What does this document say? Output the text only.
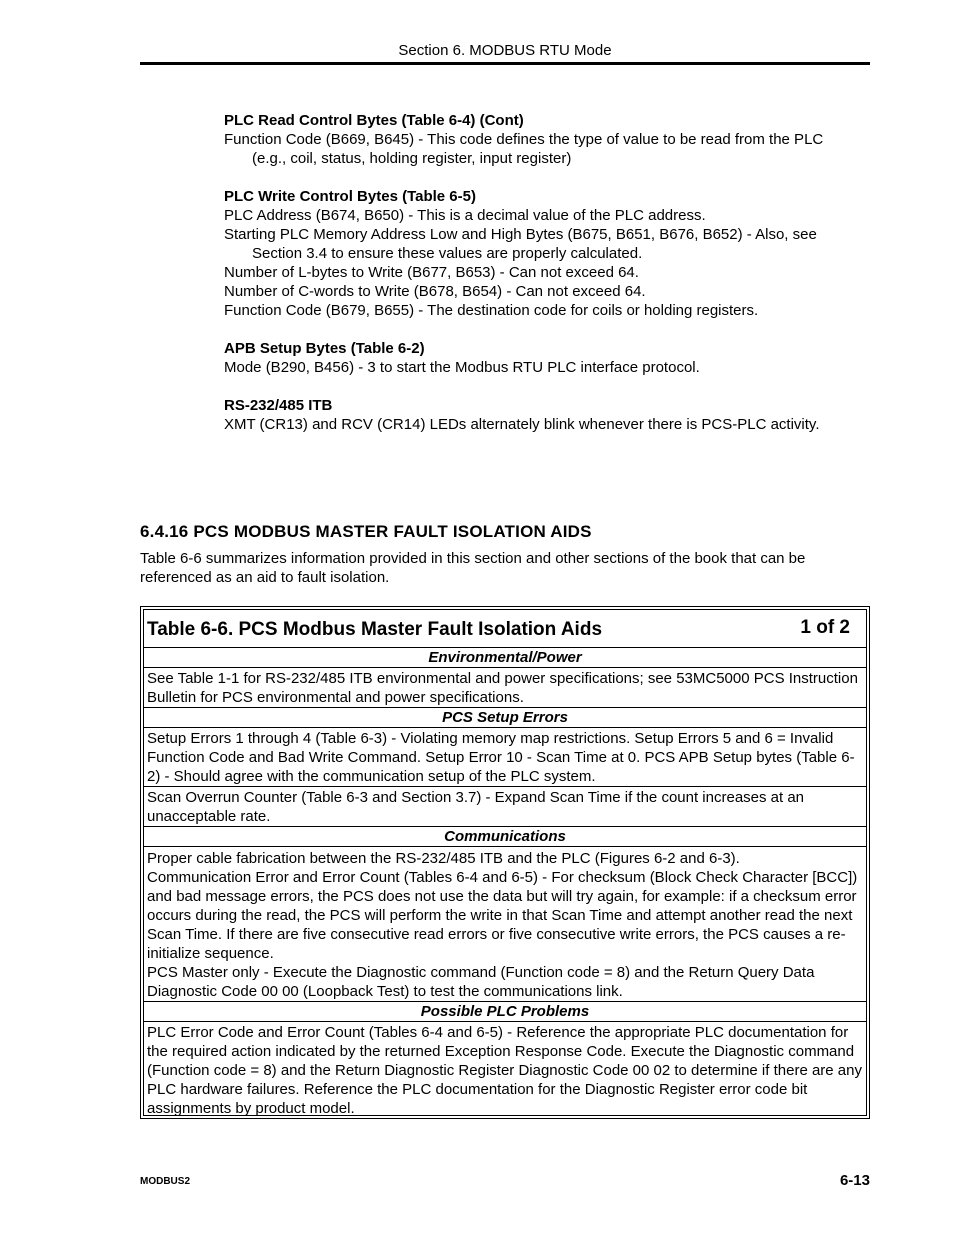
Section 6. MODBUS RTU Mode
PLC Read Control Bytes (Table 6-4) (Cont)
Function Code (B669, B645) - This code defines the type of value to be read from the PLC (e.g., coil, status, holding register, input register)
PLC Write Control Bytes (Table 6-5)
PLC Address (B674, B650) - This is a decimal value of the PLC address.
Starting PLC Memory Address Low and High Bytes (B675, B651, B676, B652) - Also, see Section 3.4 to ensure these values are properly calculated.
Number of L-bytes to Write (B677, B653) - Can not exceed 64.
Number of C-words to Write (B678, B654) - Can not exceed 64.
Function Code (B679, B655) - The destination code for coils or holding registers.
APB Setup Bytes (Table 6-2)
Mode (B290, B456) - 3 to start the Modbus RTU PLC interface protocol.
RS-232/485 ITB
XMT (CR13) and RCV (CR14) LEDs alternately blink whenever there is PCS-PLC activity.
6.4.16 PCS MODBUS MASTER FAULT ISOLATION AIDS
Table 6-6 summarizes information provided in this section and other sections of the book that can be referenced as an aid to fault isolation.
Table 6-6. PCS Modbus Master Fault Isolation Aids	1 of 2
Environmental/Power
See Table 1-1 for RS-232/485 ITB environmental and power specifications; see 53MC5000 PCS Instruction Bulletin for PCS environmental and power specifications.
PCS Setup Errors
Setup Errors 1 through 4 (Table 6-3) - Violating memory map restrictions. Setup Errors 5 and 6 = Invalid Function Code and Bad Write Command. Setup Error 10 - Scan Time at 0. PCS APB Setup bytes (Table 6-2) - Should agree with the communication setup of the PLC system.
Scan Overrun Counter (Table 6-3 and Section 3.7) - Expand Scan Time if the count increases at an unacceptable rate.
Communications
Proper cable fabrication between the RS-232/485 ITB and the PLC (Figures 6-2 and 6-3).
Communication Error and Error Count (Tables 6-4 and 6-5) - For checksum (Block Check Character [BCC]) and bad message errors, the PCS does not use the data but will try again, for example: if a checksum error occurs during the read, the PCS will perform the write in that Scan Time and attempt another read the next Scan Time. If there are five consecutive read errors or five consecutive write errors, the PCS causes a re-initialize sequence.
PCS Master only - Execute the Diagnostic command (Function code = 8) and the Return Query Data Diagnostic Code 00 00 (Loopback Test) to test the communications link.
Possible PLC Problems
PLC Error Code and Error Count (Tables 6-4 and 6-5) - Reference the appropriate PLC documentation for the required action indicated by the returned Exception Response Code. Execute the Diagnostic command (Function code = 8) and the Return Diagnostic Register Diagnostic Code 00 02 to determine if there are any PLC hardware failures. Reference the PLC documentation for the Diagnostic Register error code bit assignments by product model.
MODBUS2	6-13
